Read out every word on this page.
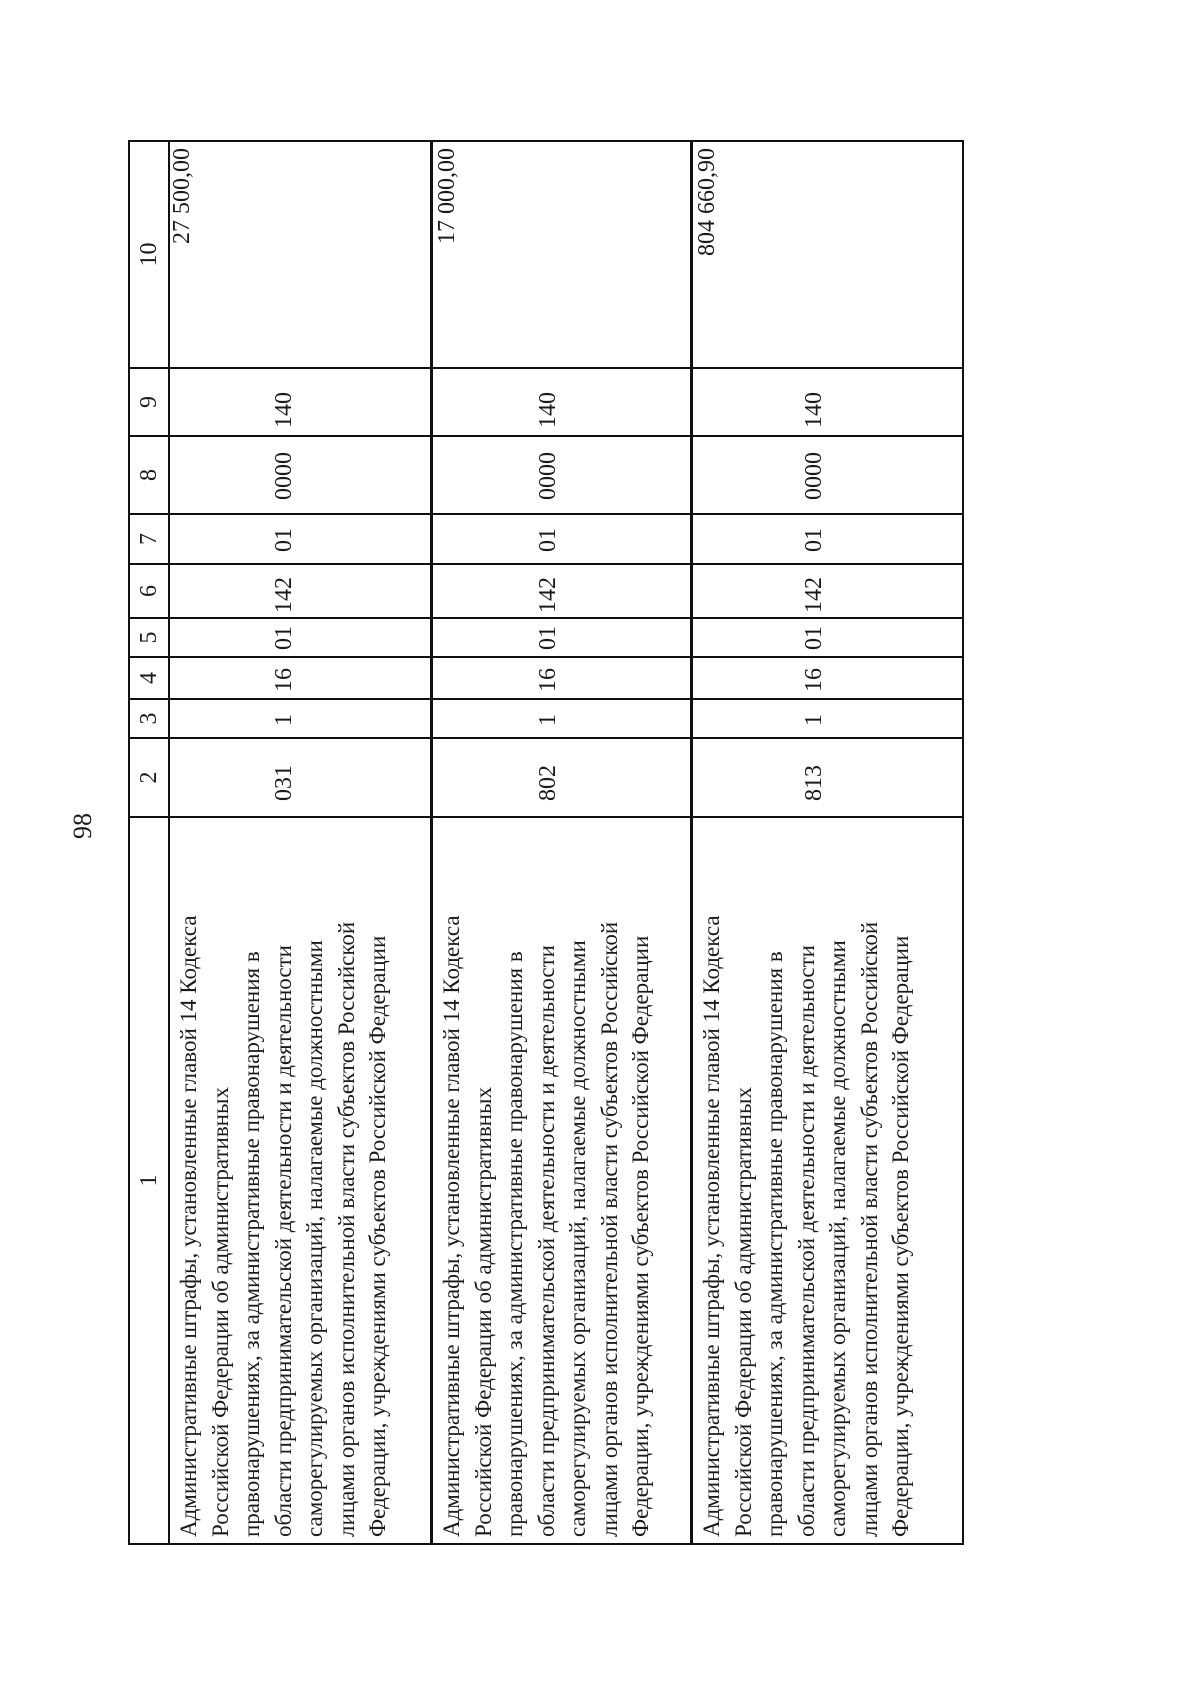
98
1
2
3
4
5
6
7
8
9
10
Административные штрафы, установленные главой 14 Кодекса Российской Федерации об административных правонарушениях, за административные правонарушения в области предпринимательской деятельности и деятельности саморегулируемых организаций, налагаемые должностными лицами органов исполнительной власти субъектов Российской Федерации, учреждениями субъектов Российской Федерации
031
1
16
01
142
01
0000
140
27 500,00
Административные штрафы, установленные главой 14 Кодекса Российской Федерации об административных правонарушениях, за административные правонарушения в области предпринимательской деятельности и деятельности саморегулируемых организаций, налагаемые должностными лицами органов исполнительной власти субъектов Российской Федерации, учреждениями субъектов Российской Федерации
802
1
16
01
142
01
0000
140
17 000,00
Административные штрафы, установленные главой 14 Кодекса Российской Федерации об административных правонарушениях, за административные правонарушения в области предпринимательской деятельности и деятельности саморегулируемых организаций, налагаемые должностными лицами органов исполнительной власти субъектов Российской Федерации, учреждениями субъектов Российской Федерации
813
1
16
01
142
01
0000
140
804 660,90
